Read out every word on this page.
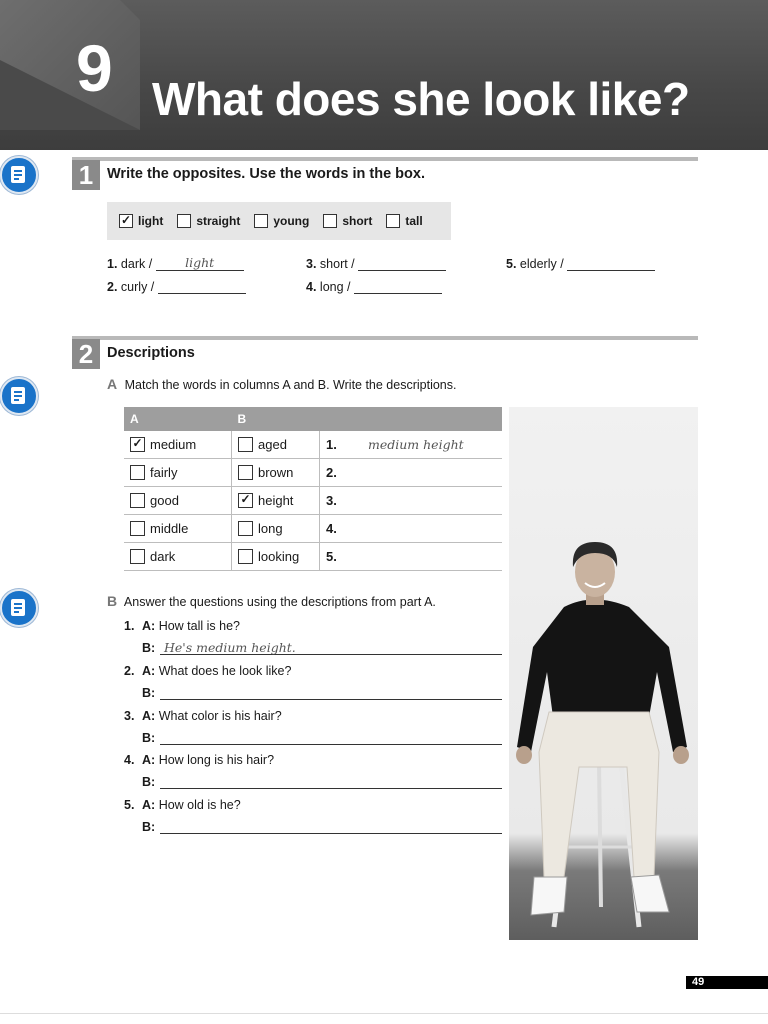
9 What does she look like?
1 Write the opposites. Use the words in the box.
✓ light	straight	young	short	tall
1. dark /	light
2. curly /
3. short /
4. long /
5. elderly /
2 Descriptions
A Match the words in columns A and B. Write the descriptions.
A	B		

✓ medium	aged	1.	medium height

fairly	brown	2.	

good	✓ height	3.	

middle	long	4.	

dark	looking	5.	
B Answer the questions using the descriptions from part A.
1. A: How tall is he?
B: He's medium height.
2. A: What does he look like?
B:
3. A: What color is his hair?
B:
4. A: How long is his hair?
B:
5. A: How old is he?
B:
49
